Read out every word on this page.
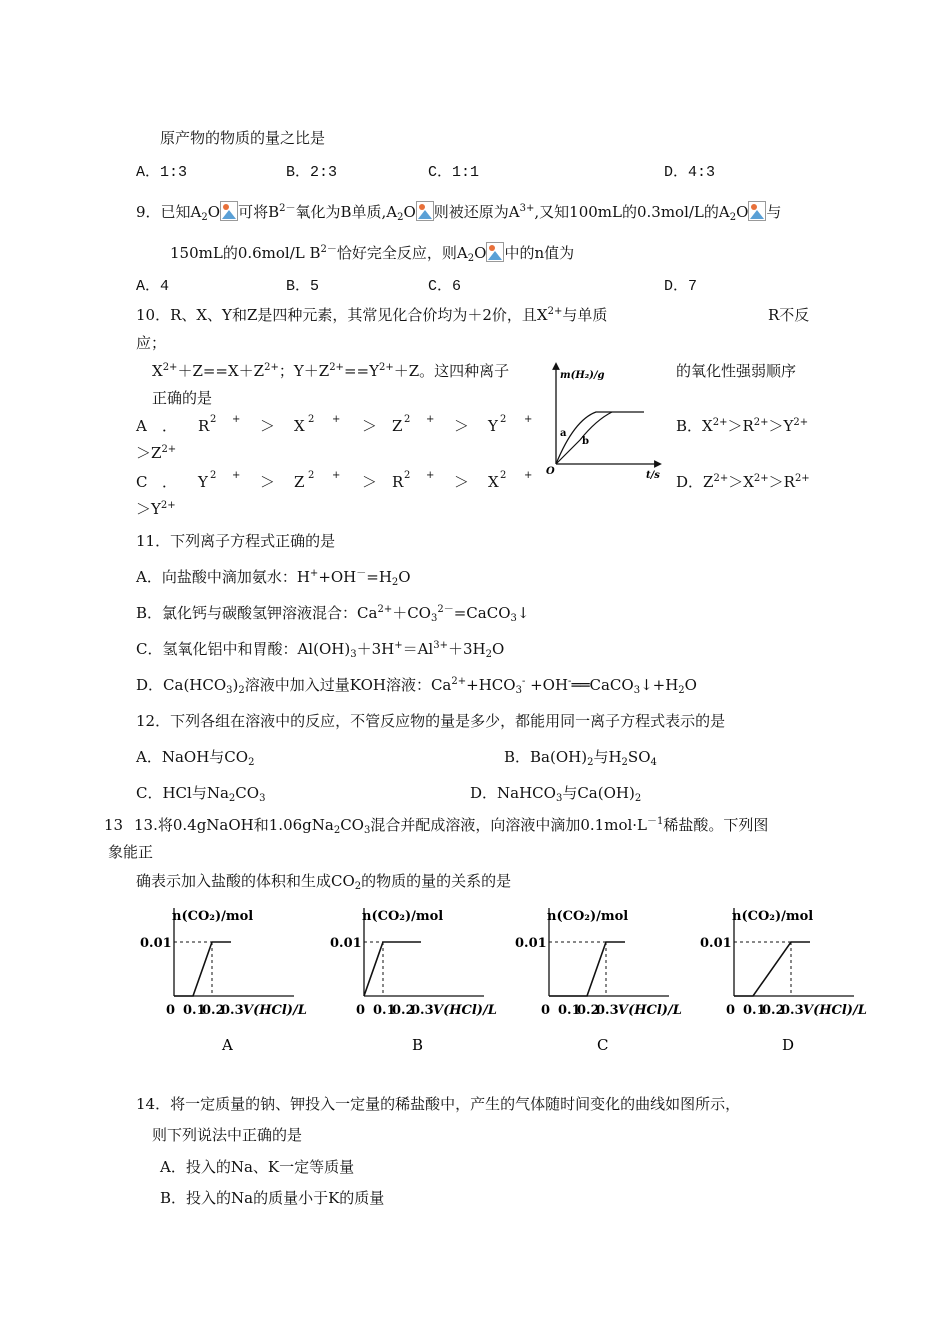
原产物的物质的量之比是
A．1:3	B．2:3	C．1:1	D．4:3
9．已知$A_2O$ 可将$B^{2-}$氧化为B单质$,A_2O$ 则被还原为$A^{3+}$,又知100mL的0.3mol/L的$A_2O$ 与
150mL的0.6mol/L $B^{2-}$恰好完全反应，则$A_2O$ 中的n值为
A．4	B．5	C．6	D．7
10．R、X、Y和Z是四种元素，其常见化合价均为＋2价，且$X^{2+}$与单质	R不反
应；
$X^{2+}+Z==X+Z^{2+}$；$Y+Z^{2+}==Y^{2+}+Z$。这四种离子	的氧化性强弱顺序
正确的是
A ． R 2 + ＞ X 2 + ＞ Z 2 + ＞ Y 2 +
$>Z^{2+}$
B．$X^{2+}>R^{2+}>Y^{2+}$
C ． Y 2 + ＞ Z 2 + ＞ R 2 + ＞ X 2 +
$>Y^{2+}$
D．$Z^{2+}>X^{2+}>R^{2+}$
m(H₂)/g
t/s
O
a
b
11．下列离子方程式正确的是
A．向盐酸中滴加氨水：$H^++OH^-=H_2O$
B．氯化钙与碳酸氢钾溶液混合：$Ca^{2+}+CO_3^{2-}=CaCO_3↓$
C．氢氧化铝中和胃酸：$Al(OH)_3+3H^+=Al^{3+}+3H_2O$
D．$Ca(HCO_3)_2$溶液中加入过量KOH溶液：$Ca^{2+}+HCO_3^-$ $+OH^-══CaCO_3↓+H_2O$
12．下列各组在溶液中的反应，不管反应物的量是多少，都能用同一离子方程式表示的是
A．NaOH与$CO_2$	B．$Ba(OH)_2$与$H_2SO_4$
C．HCl与$Na_2CO_3$	D．NaHCO$_3$与$Ca(OH)_2$
13 13.将0.4gNaOH和$1.06gNa_2CO_3$混合并配成溶液，向溶液中滴加$0.1mol\cdot L^{-1}$稀盐酸。下列图
象能正
确表示加入盐酸的体积和生成$CO_2$的物质的量的关系的是
n(CO₂)/mol
0.01
0 0.1
0.2
0.3 V(HCl)/L
A
n(CO₂)/mol
0.01
0 0.1
0.2
0.3 V(HCl)/L
B
n(CO₂)/mol
0.01
0 0.1
0.2
0.3 V(HCl)/L
C
n(CO₂)/mol
0.01
0 0.1
0.2
0.3 V(HCl)/L
D
14．将一定质量的钠、钾投入一定量的稀盐酸中，产生的气体随时间变化的曲线如图所示，
则下列说法中正确的是
A．投入的Na、K一定等质量
B．投入的Na的质量小于K的质量
